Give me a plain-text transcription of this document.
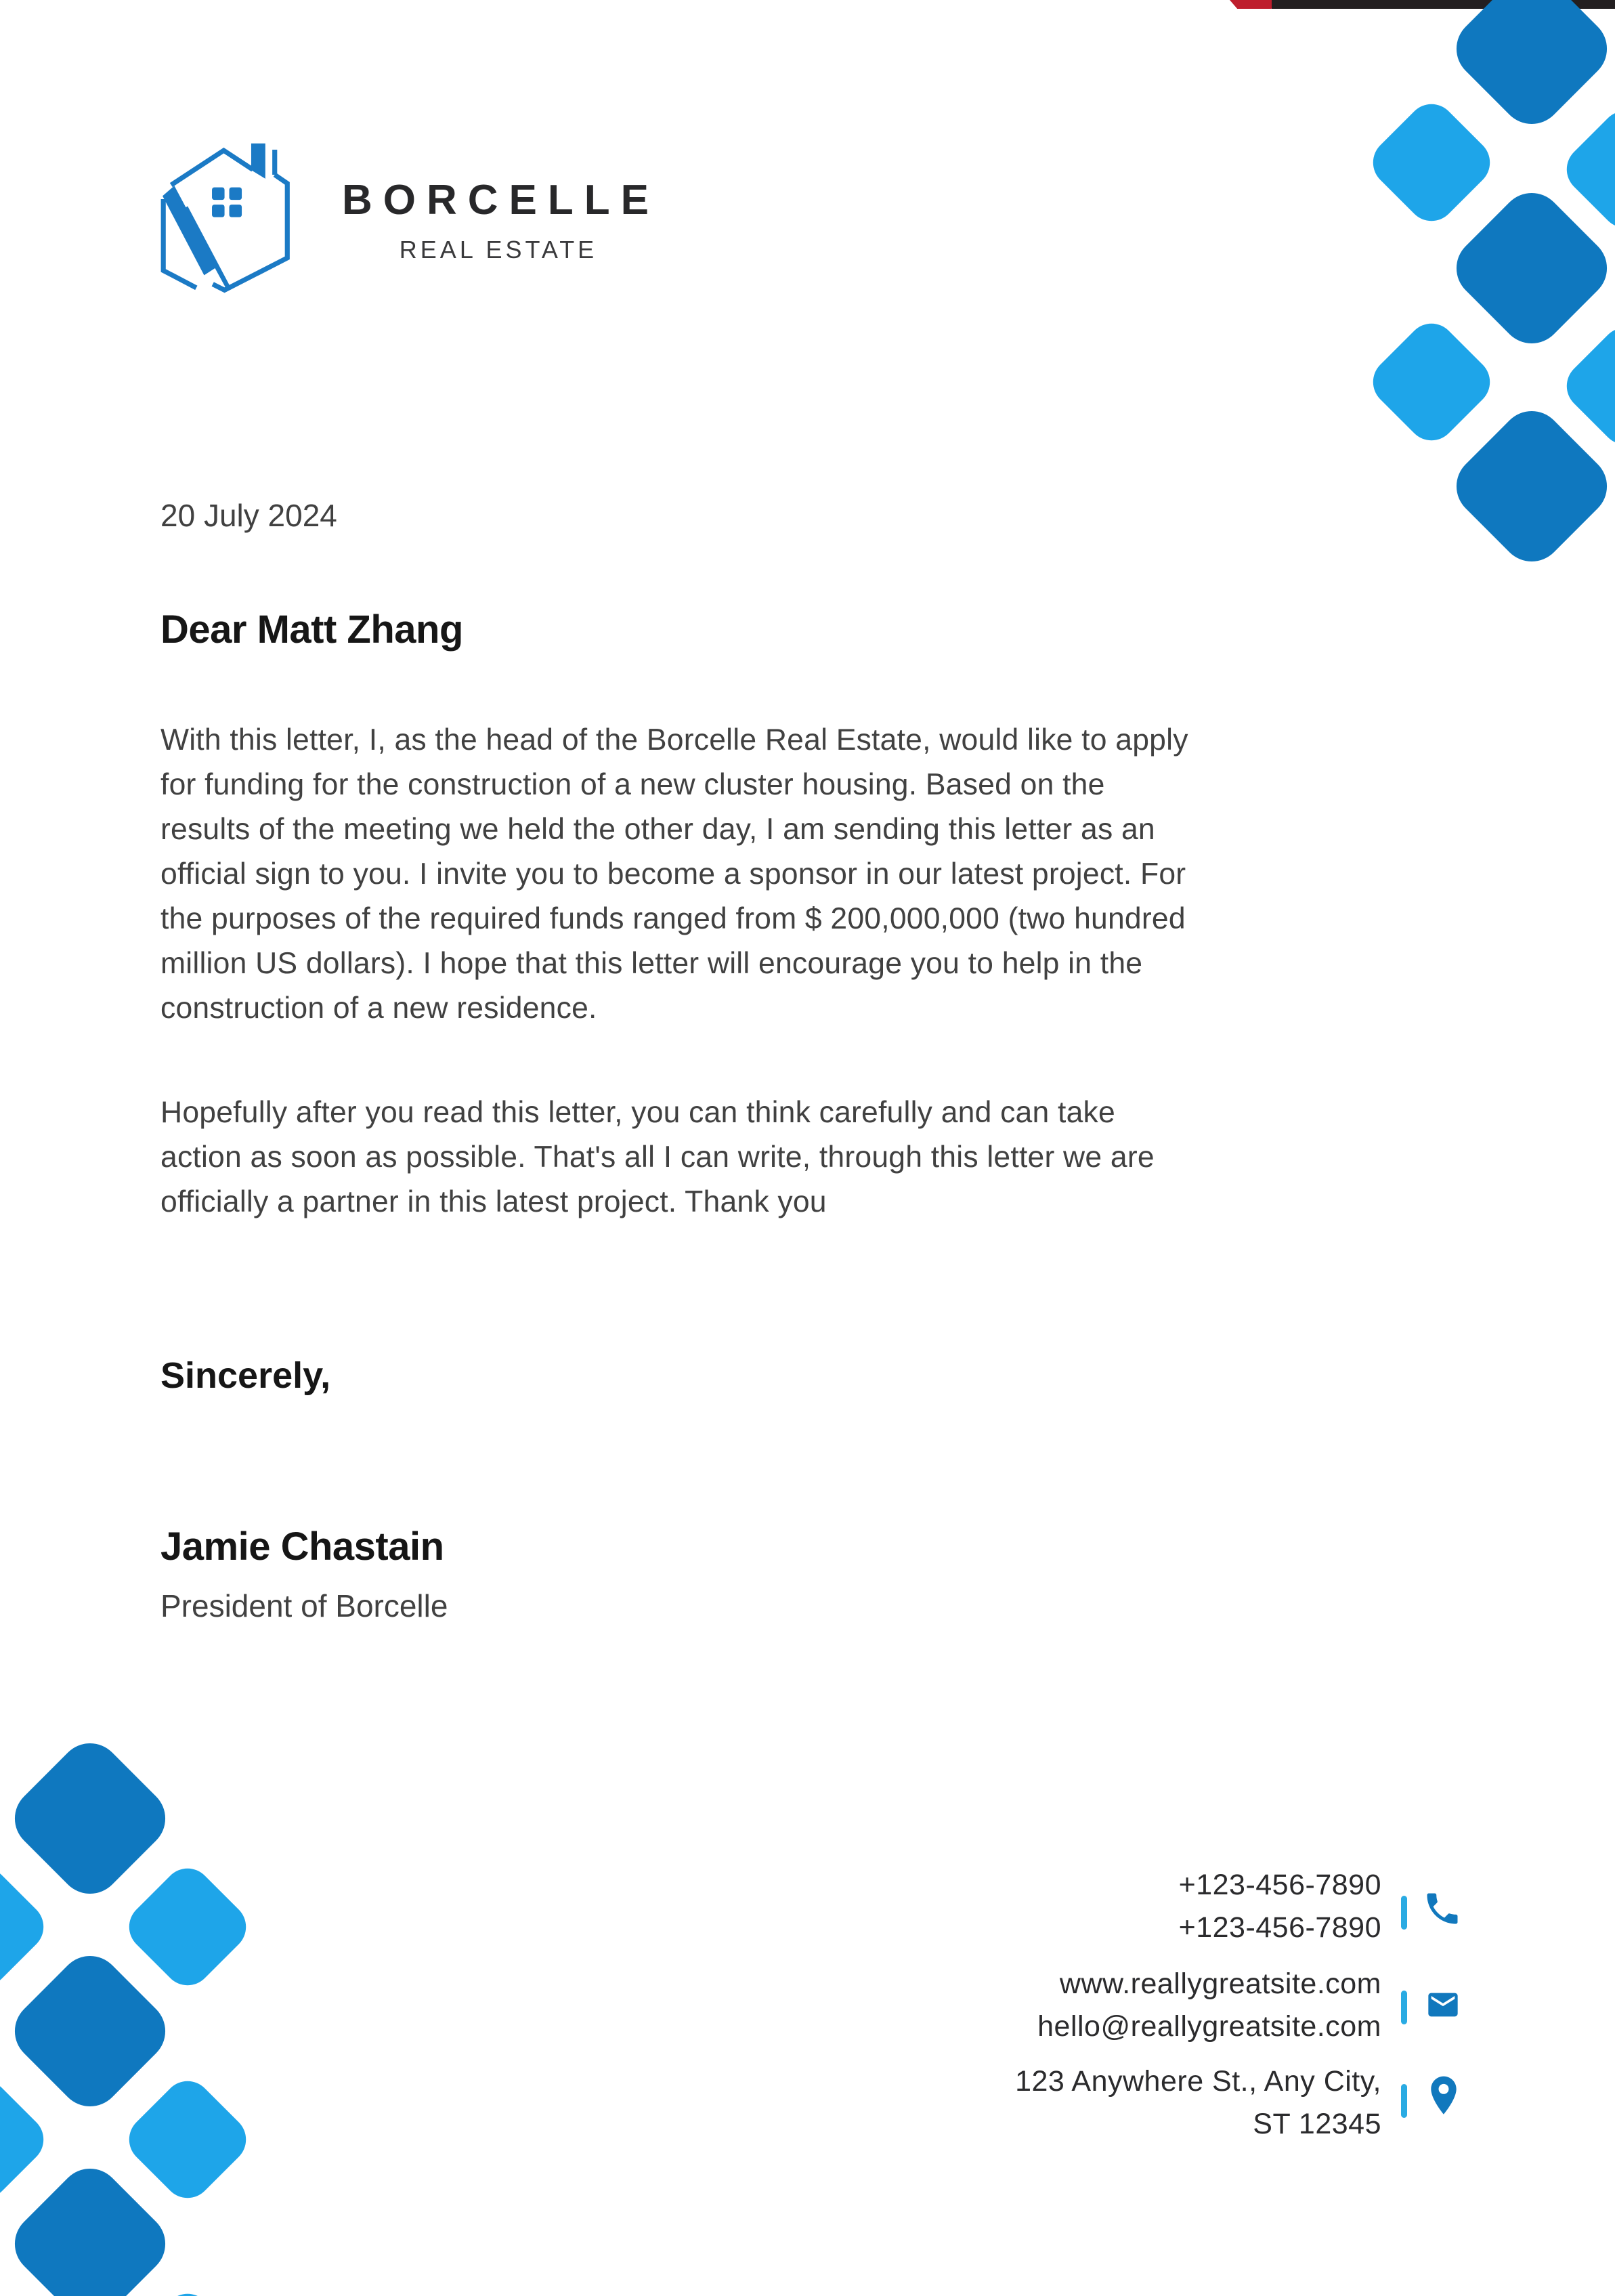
BORCELLE
REAL ESTATE
20 July 2024
Dear Matt Zhang
With this letter, I, as the head of the Borcelle Real Estate, would like to apply
for funding for the construction of a new cluster housing. Based on the
results of the meeting we held the other day, I am sending this letter as an
official sign to you. I invite you to become a sponsor in our latest project. For
the purposes of the required funds ranged from $ 200,000,000 (two hundred
million US dollars). I hope that this letter will encourage you to help in the
construction of a new residence.
Hopefully after you read this letter, you can think carefully and can take
action as soon as possible. That's all I can write, through this letter we are
officially a partner in this latest project. Thank you
Sincerely,
Jamie Chastain
President of Borcelle
+123-456-7890
+123-456-7890
www.reallygreatsite.com
hello@reallygreatsite.com
123 Anywhere St., Any City,
ST 12345
